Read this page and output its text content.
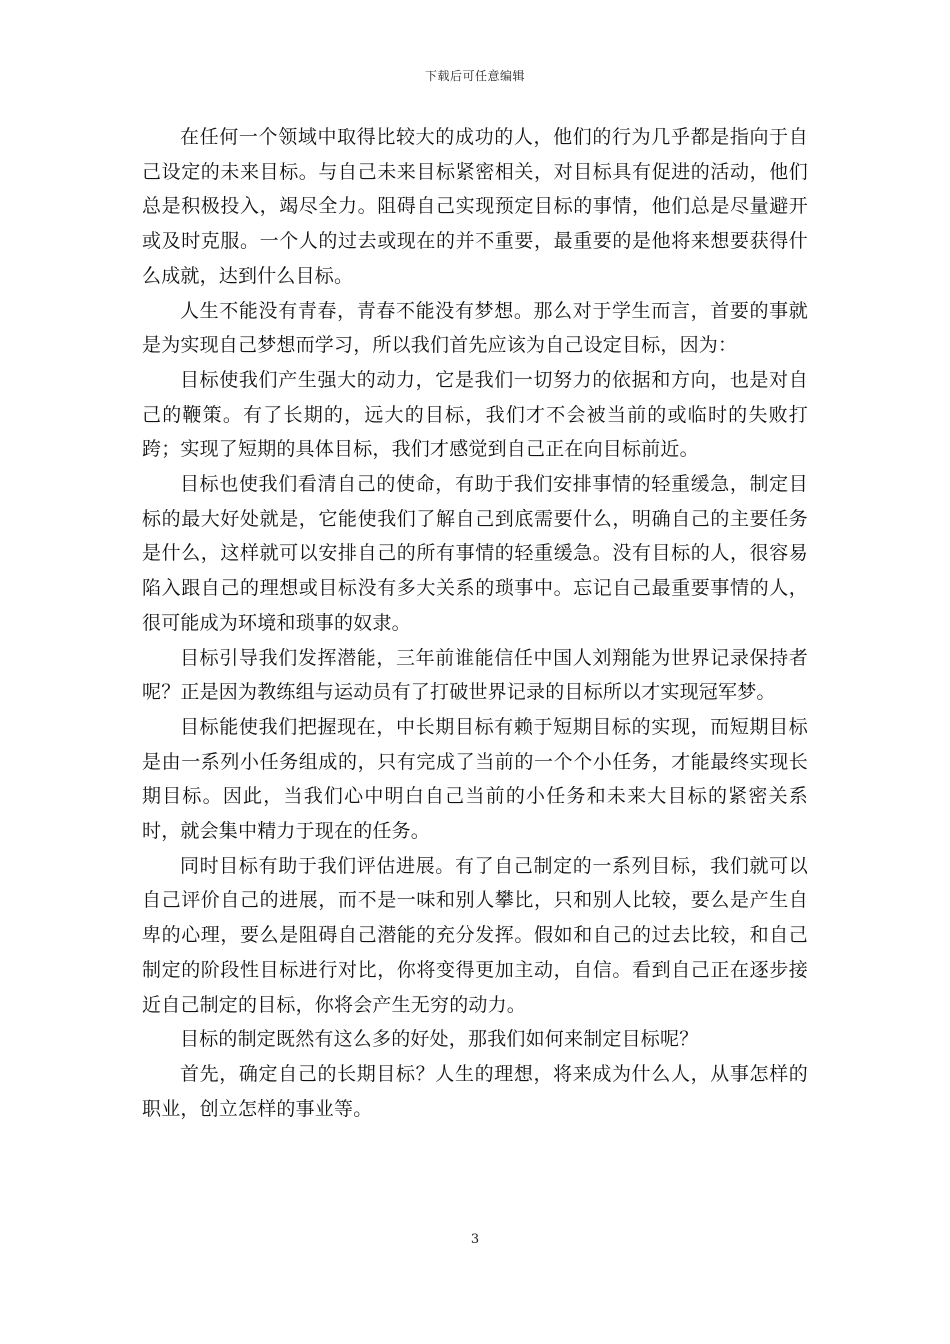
下载后可任意编辑

在任何一个领域中取得比较大的成功的人，他们的行为几乎都是指向于自己设定的未来目标。与自己未来目标紧密相关，对目标具有促进的活动，他们总是积极投入，竭尽全力。阻碍自己实现预定目标的事情，他们总是尽量避开或及时克服。一个人的过去或现在的并不重要，最重要的是他将来想要获得什么成就，达到什么目标。

人生不能没有青春，青春不能没有梦想。那么对于学生而言，首要的事就是为实现自己梦想而学习，所以我们首先应该为自己设定目标，因为：

目标使我们产生强大的动力，它是我们一切努力的依据和方向，也是对自己的鞭策。有了长期的，远大的目标，我们才不会被当前的或临时的失败打跨；实现了短期的具体目标，我们才感觉到自己正在向目标前近。

目标也使我们看清自己的使命，有助于我们安排事情的轻重缓急，制定目标的最大好处就是，它能使我们了解自己到底需要什么，明确自己的主要任务是什么，这样就可以安排自己的所有事情的轻重缓急。没有目标的人，很容易陷入跟自己的理想或目标没有多大关系的琐事中。忘记自己最重要事情的人，很可能成为环境和琐事的奴隶。

目标引导我们发挥潜能，三年前谁能信任中国人刘翔能为世界记录保持者呢？正是因为教练组与运动员有了打破世界记录的目标所以才实现冠军梦。

目标能使我们把握现在，中长期目标有赖于短期目标的实现，而短期目标是由一系列小任务组成的，只有完成了当前的一个个小任务，才能最终实现长期目标。因此，当我们心中明白自己当前的小任务和未来大目标的紧密关系时，就会集中精力于现在的任务。

同时目标有助于我们评估进展。有了自己制定的一系列目标，我们就可以自己评价自己的进展，而不是一味和别人攀比，只和别人比较，要么是产生自卑的心理，要么是阻碍自己潜能的充分发挥。假如和自己的过去比较，和自己制定的阶段性目标进行对比，你将变得更加主动，自信。看到自己正在逐步接近自己制定的目标，你将会产生无穷的动力。

目标的制定既然有这么多的好处，那我们如何来制定目标呢？

首先，确定自己的长期目标？人生的理想，将来成为什么人，从事怎样的职业，创立怎样的事业等。

3
